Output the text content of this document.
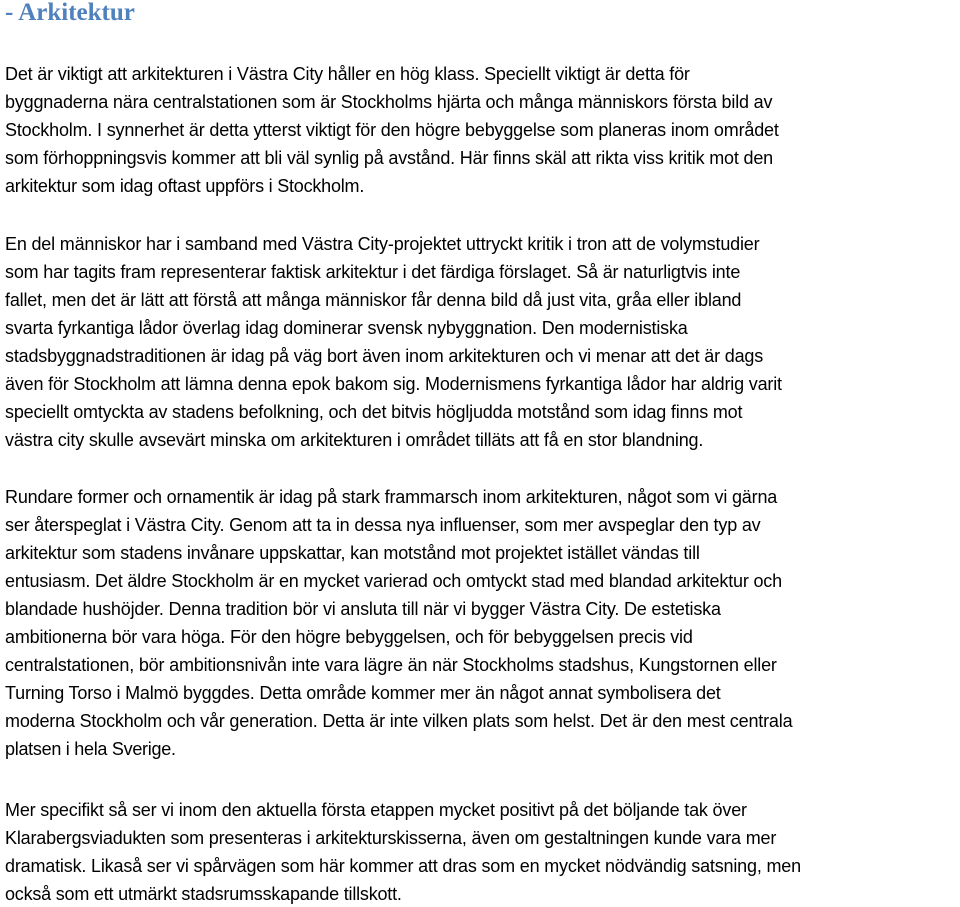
- Arkitektur

Det är viktigt att arkitekturen i Västra City håller en hög klass. Speciellt viktigt är detta för
byggnaderna nära centralstationen som är Stockholms hjärta och många människors första bild av
Stockholm. I synnerhet är detta ytterst viktigt för den högre bebyggelse som planeras inom området
som förhoppningsvis kommer att bli väl synlig på avstånd. Här finns skäl att rikta viss kritik mot den
arkitektur som idag oftast uppförs i Stockholm.

En del människor har i samband med Västra City-projektet uttryckt kritik i tron att de volymstudier
som har tagits fram representerar faktisk arkitektur i det färdiga förslaget. Så är naturligtvis inte
fallet, men det är lätt att förstå att många människor får denna bild då just vita, gråa eller ibland
svarta fyrkantiga lådor överlag idag dominerar svensk nybyggnation. Den modernistiska
stadsbyggnadstraditionen är idag på väg bort även inom arkitekturen och vi menar att det är dags
även för Stockholm att lämna denna epok bakom sig. Modernismens fyrkantiga lådor har aldrig varit
speciellt omtyckta av stadens befolkning, och det bitvis högljudda motstånd som idag finns mot
västra city skulle avsevärt minska om arkitekturen i området tilläts att få en stor blandning.

Rundare former och ornamentik är idag på stark frammarsch inom arkitekturen, något som vi gärna
ser återspeglat i Västra City. Genom att ta in dessa nya influenser, som mer avspeglar den typ av
arkitektur som stadens invånare uppskattar, kan motstånd mot projektet istället vändas till
entusiasm. Det äldre Stockholm är en mycket varierad och omtyckt stad med blandad arkitektur och
blandade hushöjder. Denna tradition bör vi ansluta till när vi bygger Västra City. De estetiska
ambitionerna bör vara höga. För den högre bebyggelsen, och för bebyggelsen precis vid
centralstationen, bör ambitionsnivån inte vara lägre än när Stockholms stadshus, Kungstornen eller
Turning Torso i Malmö byggdes. Detta område kommer mer än något annat symbolisera det
moderna Stockholm och vår generation. Detta är inte vilken plats som helst. Det är den mest centrala
platsen i hela Sverige.

Mer specifikt så ser vi inom den aktuella första etappen mycket positivt på det böljande tak över
Klarabergsviadukten som presenteras i arkitekturskisserna, även om gestaltningen kunde vara mer
dramatisk. Likaså ser vi spårvägen som här kommer att dras som en mycket nödvändig satsning, men
också som ett utmärkt stadsrumsskapande tillskott.
